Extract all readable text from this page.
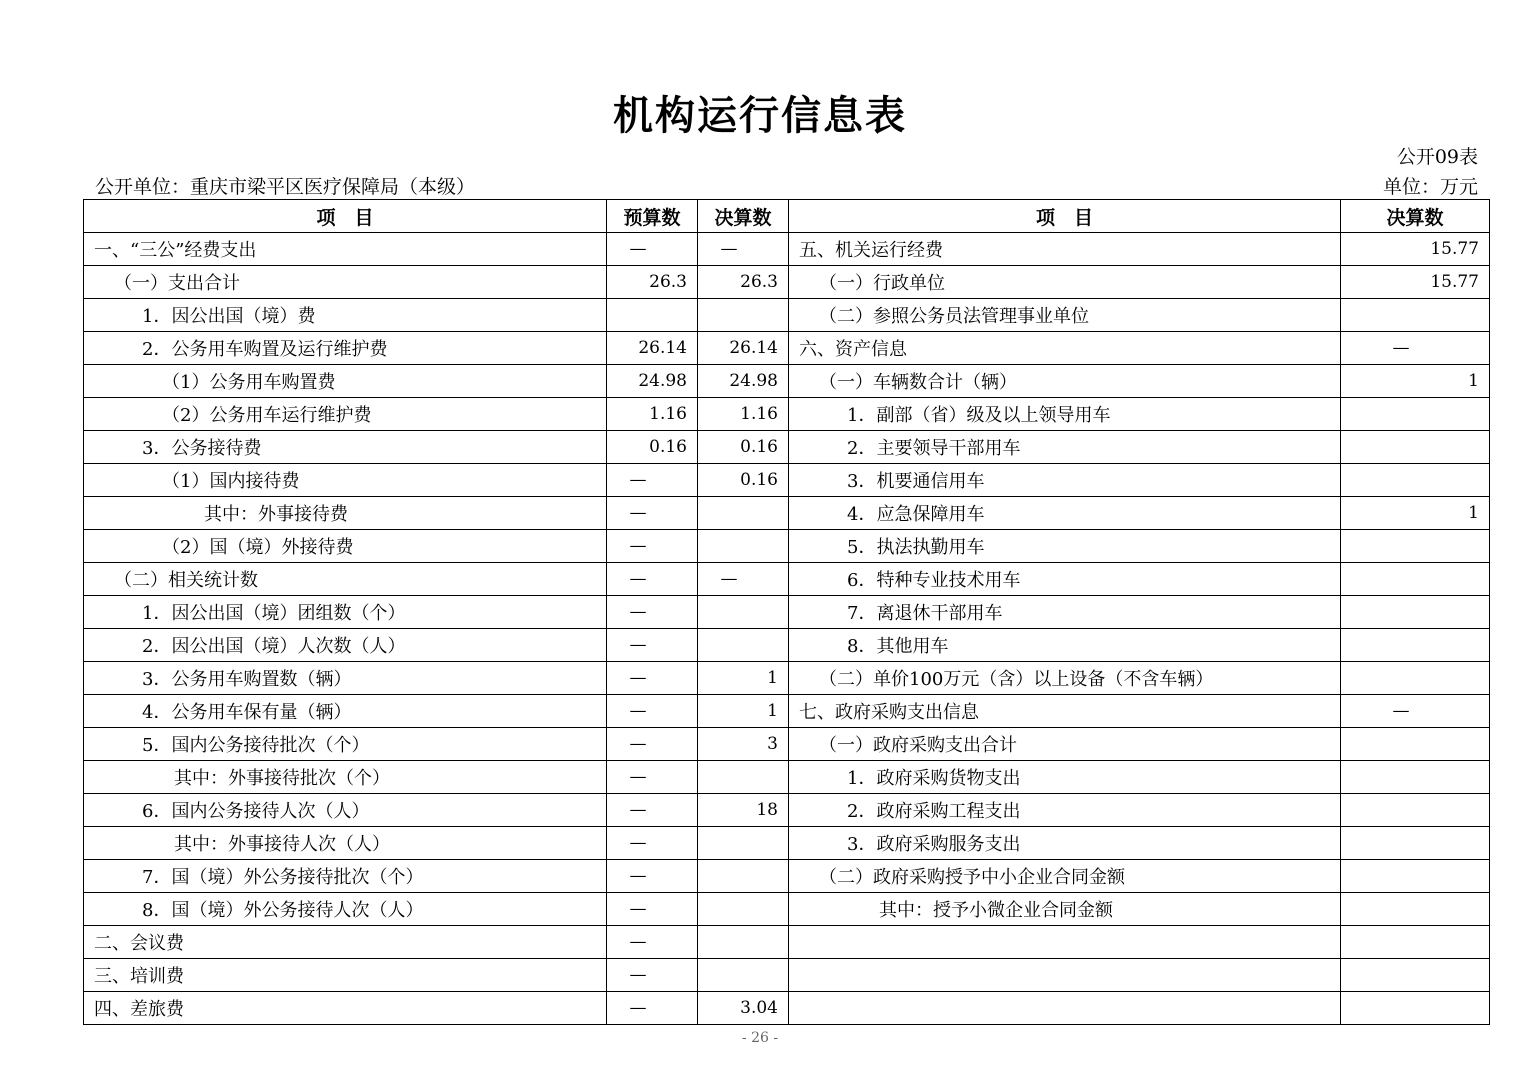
机构运行信息表
公开09表
公开单位：重庆市梁平区医疗保障局（本级）	单位：万元
项　目	预算数	决算数	项　目	决算数
一、“三公”经费支出	—	—	五、机关运行经费	15.77
（一）支出合计	26.3	26.3	（一）行政单位	15.77
1．因公出国（境）费			（二）参照公务员法管理事业单位	
2．公务用车购置及运行维护费	26.14	26.14	六、资产信息	—
（1）公务用车购置费	24.98	24.98	（一）车辆数合计（辆）	1
（2）公务用车运行维护费	1.16	1.16	1．副部（省）级及以上领导用车	
3．公务接待费	0.16	0.16	2．主要领导干部用车	
（1）国内接待费	—	0.16	3．机要通信用车	
其中：外事接待费	—		4．应急保障用车	1
（2）国（境）外接待费	—		5．执法执勤用车	
（二）相关统计数	—	—	6．特种专业技术用车	
1．因公出国（境）团组数（个）	—		7．离退休干部用车	
2．因公出国（境）人次数（人）	—		8．其他用车	
3．公务用车购置数（辆）	—	1	（二）单价100万元（含）以上设备（不含车辆）	
4．公务用车保有量（辆）	—	1	七、政府采购支出信息	—
5．国内公务接待批次（个）	—	3	（一）政府采购支出合计	
其中：外事接待批次（个）	—		1．政府采购货物支出	
6．国内公务接待人次（人）	—	18	2．政府采购工程支出	
其中：外事接待人次（人）	—		3．政府采购服务支出	
7．国（境）外公务接待批次（个）	—		（二）政府采购授予中小企业合同金额	
8．国（境）外公务接待人次（人）	—		其中：授予小微企业合同金额	
二、会议费	—			
三、培训费	—			
四、差旅费	—	3.04		
- 26 -
